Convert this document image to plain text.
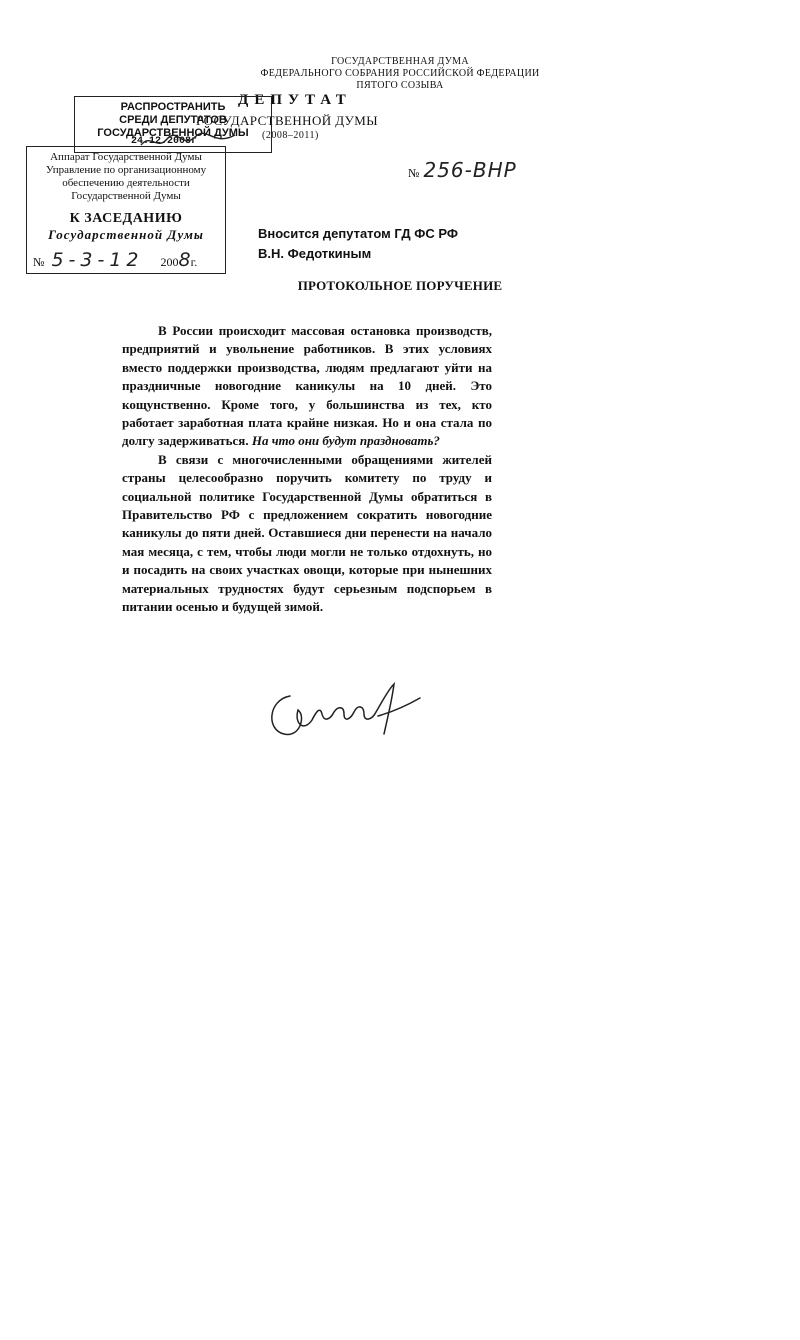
ГОСУДАРСТВЕННАЯ ДУМА
ФЕДЕРАЛЬНОГО СОБРАНИЯ РОССИЙСКОЙ ФЕДЕРАЦИИ
ПЯТОГО СОЗЫВА
ДЕПУТАТ
ГОСУДАРСТВЕННОЙ ДУМЫ
(2008–2011)
РАСПРОСТРАНИТЬ
СРЕДИ ДЕПУТАТОВ
ГОСУДАРСТВЕННОЙ ДУМЫ
24.12.2008г
Аппарат Государственной Думы
Управление по организационному
обеспечению деятельности
Государственной Думы
К ЗАСЕДАНИЮ
Государственной Думы
№ 5-3-12 2008г.
№ 256-ВНР
Вносится депутатом ГД ФС РФ
В.Н. Федоткиным
ПРОТОКОЛЬНОЕ ПОРУЧЕНИЕ

В России происходит массовая остановка производств, предприятий и увольнение работников. В этих условиях вместо поддержки производства, людям предлагают уйти на праздничные новогодние каникулы на 10 дней. Это кощунственно. Кроме того, у большинства из тех, кто работает заработная плата крайне низкая. Но и она стала по долгу задерживаться. На что они будут праздновать?

В связи с многочисленными обращениями жителей страны целесообразно поручить комитету по труду и социальной политике Государственной Думы обратиться в Правительство РФ с предложением сократить новогодние каникулы до пяти дней. Оставшиеся дни перенести на начало мая месяца, с тем, чтобы люди могли не только отдохнуть, но и посадить на своих участках овощи, которые при нынешних материальных трудностях будут серьезным подспорьем в питании осенью и будущей зимой.
